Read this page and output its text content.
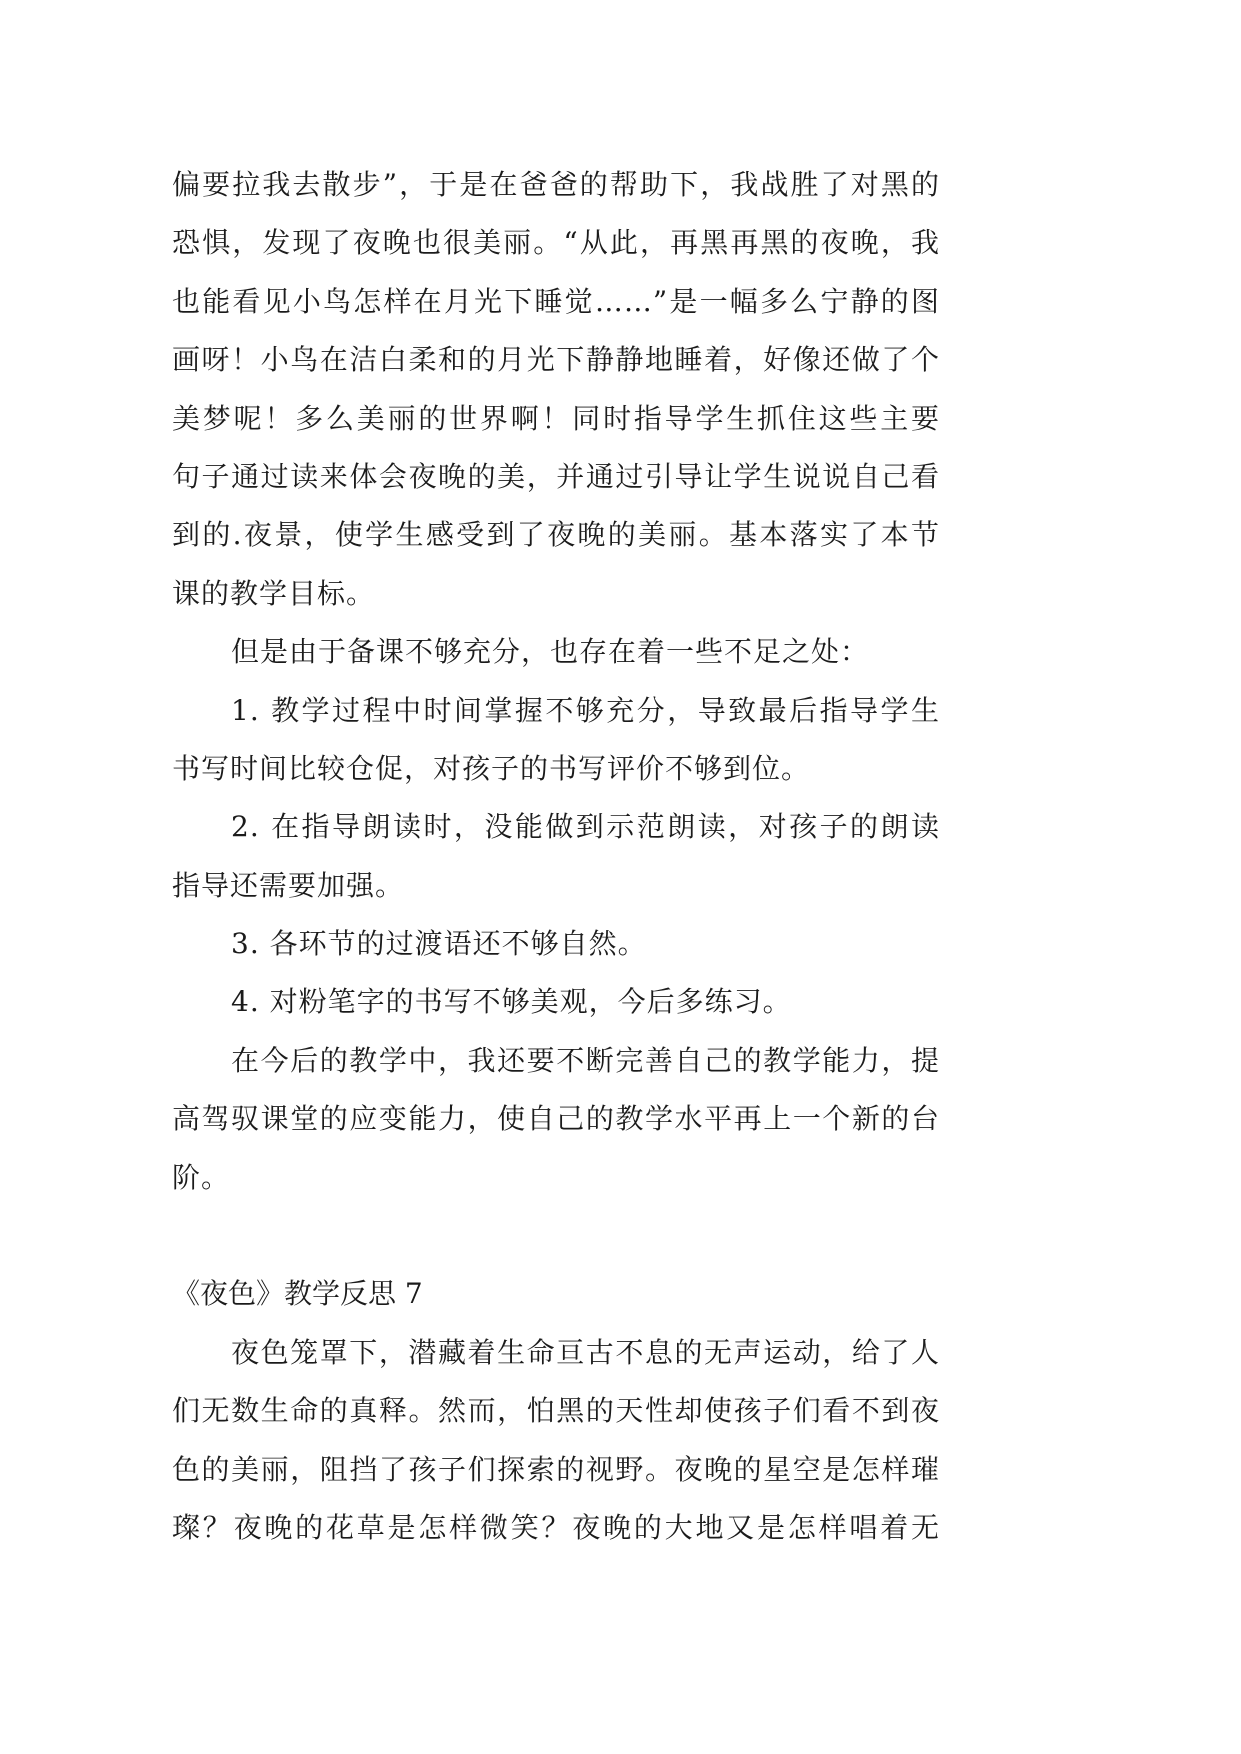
偏要拉我去散步”，于是在爸爸的帮助下，我战胜了对黑的
恐惧，发现了夜晚也很美丽。“从此，再黑再黑的夜晚，我
也能看见小鸟怎样在月光下睡觉……”是一幅多么宁静的图
画呀！小鸟在洁白柔和的月光下静静地睡着，好像还做了个
美梦呢！多么美丽的世界啊！同时指导学生抓住这些主要
句子通过读来体会夜晚的美，并通过引导让学生说说自己看
到的.夜景，使学生感受到了夜晚的美丽。基本落实了本节
课的教学目标。
但是由于备课不够充分，也存在着一些不足之处：
1. 教学过程中时间掌握不够充分，导致最后指导学生
书写时间比较仓促，对孩子的书写评价不够到位。
2. 在指导朗读时，没能做到示范朗读，对孩子的朗读
指导还需要加强。
3. 各环节的过渡语还不够自然。
4. 对粉笔字的书写不够美观，今后多练习。
在今后的教学中，我还要不断完善自己的教学能力，提
高驾驭课堂的应变能力，使自己的教学水平再上一个新的台
阶。
《夜色》教学反思 7
夜色笼罩下，潜藏着生命亘古不息的无声运动，给了人
们无数生命的真释。然而，怕黑的天性却使孩子们看不到夜
色的美丽，阻挡了孩子们探索的视野。夜晚的星空是怎样璀
璨？夜晚的花草是怎样微笑？夜晚的大地又是怎样唱着无
